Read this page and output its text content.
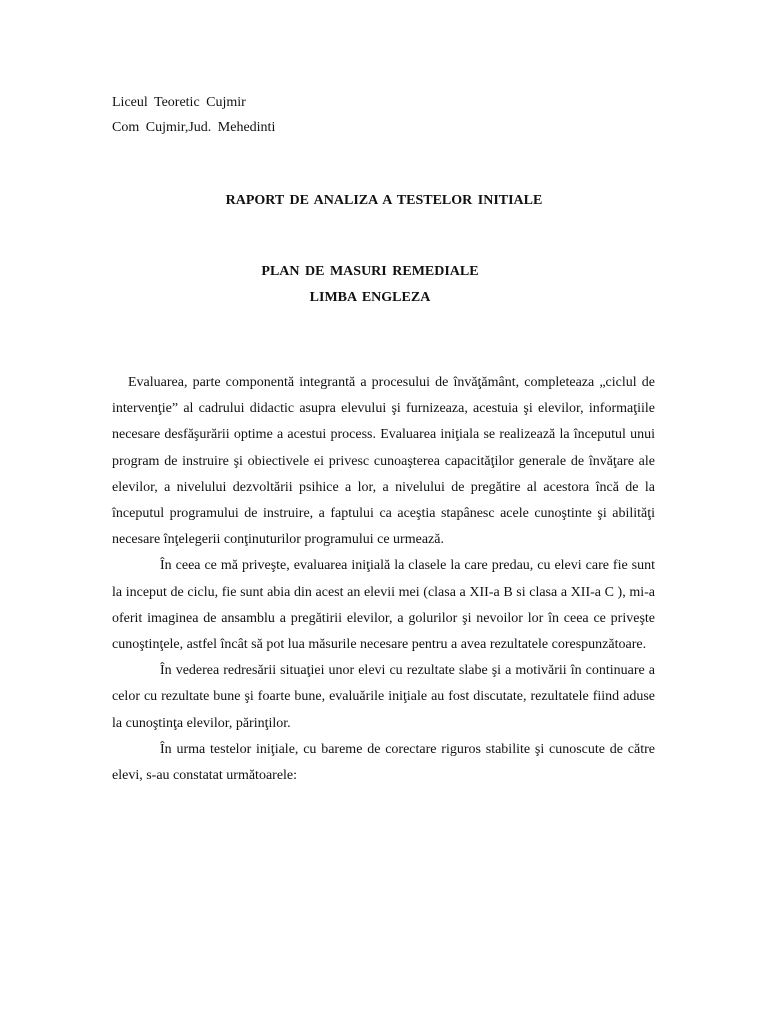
Liceul Teoretic Cujmir
Com Cujmir,Jud. Mehedinti
RAPORT DE ANALIZA A TESTELOR INITIALE
PLAN DE MASURI REMEDIALE
LIMBA ENGLEZA

Evaluarea, parte componentă integrantă a procesului de învăţământ, completeaza „ciclul de intervenţie” al cadrului didactic asupra elevului şi furnizeaza, acestuia şi elevilor, informaţiile necesare desfăşurării optime a acestui process. Evaluarea iniţiala se realizează la începutul unui program de instruire şi obiectivele ei privesc cunoaşterea capacităţilor generale de învăţare ale elevilor, a nivelului dezvoltării psihice a lor, a nivelului de pregătire al acestora încă de la începutul programului de instruire, a faptului ca aceştia stapânesc acele cunoştinte şi abilităţi necesare înţelegerii conţinuturilor programului ce urmează.

În ceea ce mă priveşte, evaluarea iniţială la clasele la care predau, cu elevi care fie sunt la inceput de ciclu, fie sunt abia din acest an elevii mei (clasa a XII-a B si clasa a XII-a C ), mi-a oferit imaginea de ansamblu a pregătirii elevilor, a golurilor şi nevoilor lor în ceea ce priveşte cunoştinţele, astfel încât să pot lua măsurile necesare pentru a avea rezultatele corespunzătoare.

În vederea redresării situaţiei unor elevi cu rezultate slabe şi a motivării în continuare a celor cu rezultate bune şi foarte bune, evaluările iniţiale au fost discutate, rezultatele fiind aduse la cunoştinţa elevilor, părinţilor.

În urma testelor iniţiale, cu bareme de corectare riguros stabilite şi cunoscute de către elevi, s-au constatat următoarele:
